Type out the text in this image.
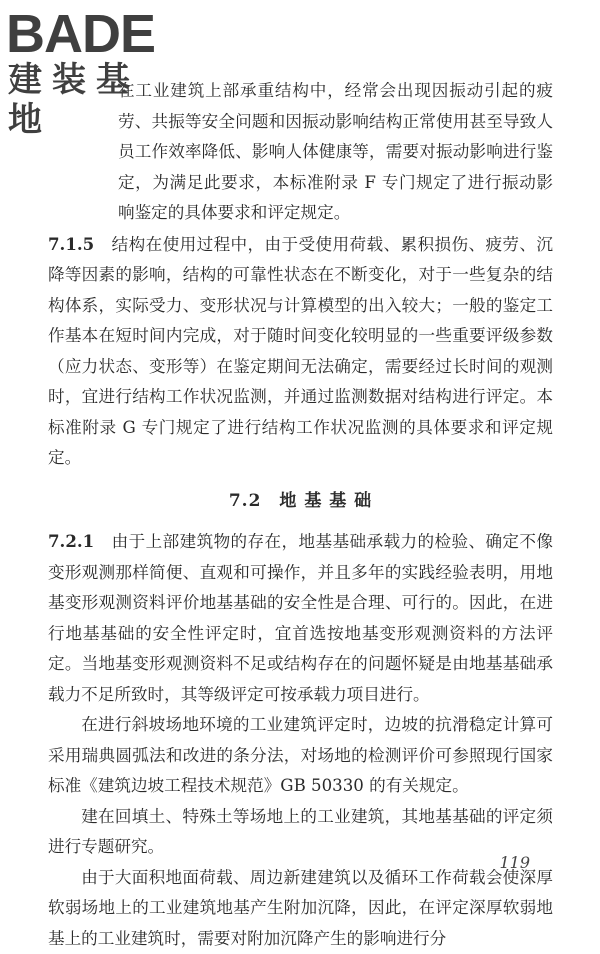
BADE
建装基地

在工业建筑上部承重结构中，经常会出现因振动引起的疲劳、共振等安全问题和因振动影响结构正常使用甚至导致人员工作效率降低、影响人体健康等，需要对振动影响进行鉴定，为满足此要求，本标准附录 F 专门规定了进行振动影响鉴定的具体要求和评定规定。

7.1.5　 结构在使用过程中，由于受使用荷载、累积损伤、疲劳、沉降等因素的影响，结构的可靠性状态在不断变化，对于一些复杂的结构体系，实际受力、变形状况与计算模型的出入较大；一般的鉴定工作基本在短时间内完成，对于随时间变化较明显的一些重要评级参数（应力状态、变形等）在鉴定期间无法确定，需要经过长时间的观测时，宜进行结构工作状况监测，并通过监测数据对结构进行评定。本标准附录 G 专门规定了进行结构工作状况监测的具体要求和评定规定。

7.2　地 基 基 础

7.2.1　 由于上部建筑物的存在，地基基础承载力的检验、确定不像变形观测那样简便、直观和可操作，并且多年的实践经验表明，用地基变形观测资料评价地基基础的安全性是合理、可行的。因此，在进行地基基础的安全性评定时，宜首选按地基变形观测资料的方法评定。当地基变形观测资料不足或结构存在的问题怀疑是由地基基础承载力不足所致时，其等级评定可按承载力项目进行。

在进行斜坡场地环境的工业建筑评定时，边坡的抗滑稳定计算可采用瑞典圆弧法和改进的条分法，对场地的检测评价可参照现行国家标准《建筑边坡工程技术规范》GB 50330 的有关规定。

建在回填土、特殊土等场地上的工业建筑，其地基基础的评定须进行专题研究。

由于大面积地面荷载、周边新建建筑以及循环工作荷载会使深厚软弱场地上的工业建筑地基产生附加沉降，因此，在评定深厚软弱地基上的工业建筑时，需要对附加沉降产生的影响进行分

119
